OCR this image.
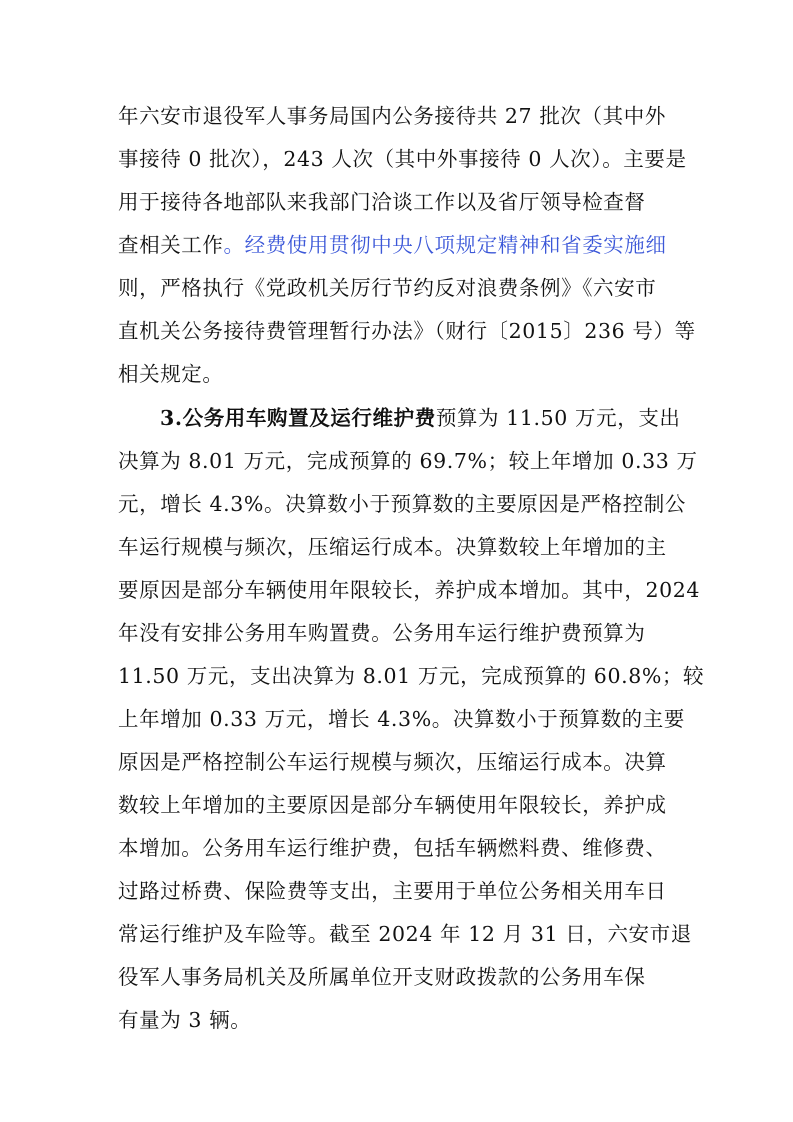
年六安市退役军人事务局国内公务接待共 27 批次（其中外
事接待 0 批次），243 人次（其中外事接待 0 人次）。主要是
用于接待各地部队来我部门洽谈工作以及省厅领导检查督
查相关工作。经费使用贯彻中央八项规定精神和省委实施细
则，严格执行《党政机关厉行节约反对浪费条例》《六安市
直机关公务接待费管理暂行办法》（财行〔2015〕236 号）等
相关规定。
3.公务用车购置及运行维护费预算为 11.50 万元，支出
决算为 8.01 万元，完成预算的 69.7%；较上年增加 0.33 万
元，增长 4.3%。决算数小于预算数的主要原因是严格控制公
车运行规模与频次，压缩运行成本。决算数较上年增加的主
要原因是部分车辆使用年限较长，养护成本增加。其中，2024
年没有安排公务用车购置费。公务用车运行维护费预算为
11.50 万元，支出决算为 8.01 万元，完成预算的 60.8%；较
上年增加 0.33 万元，增长 4.3%。决算数小于预算数的主要
原因是严格控制公车运行规模与频次，压缩运行成本。决算
数较上年增加的主要原因是部分车辆使用年限较长，养护成
本增加。公务用车运行维护费，包括车辆燃料费、维修费、
过路过桥费、保险费等支出，主要用于单位公务相关用车日
常运行维护及车险等。截至 2024 年 12 月 31 日，六安市退
役军人事务局机关及所属单位开支财政拨款的公务用车保
有量为 3 辆。
